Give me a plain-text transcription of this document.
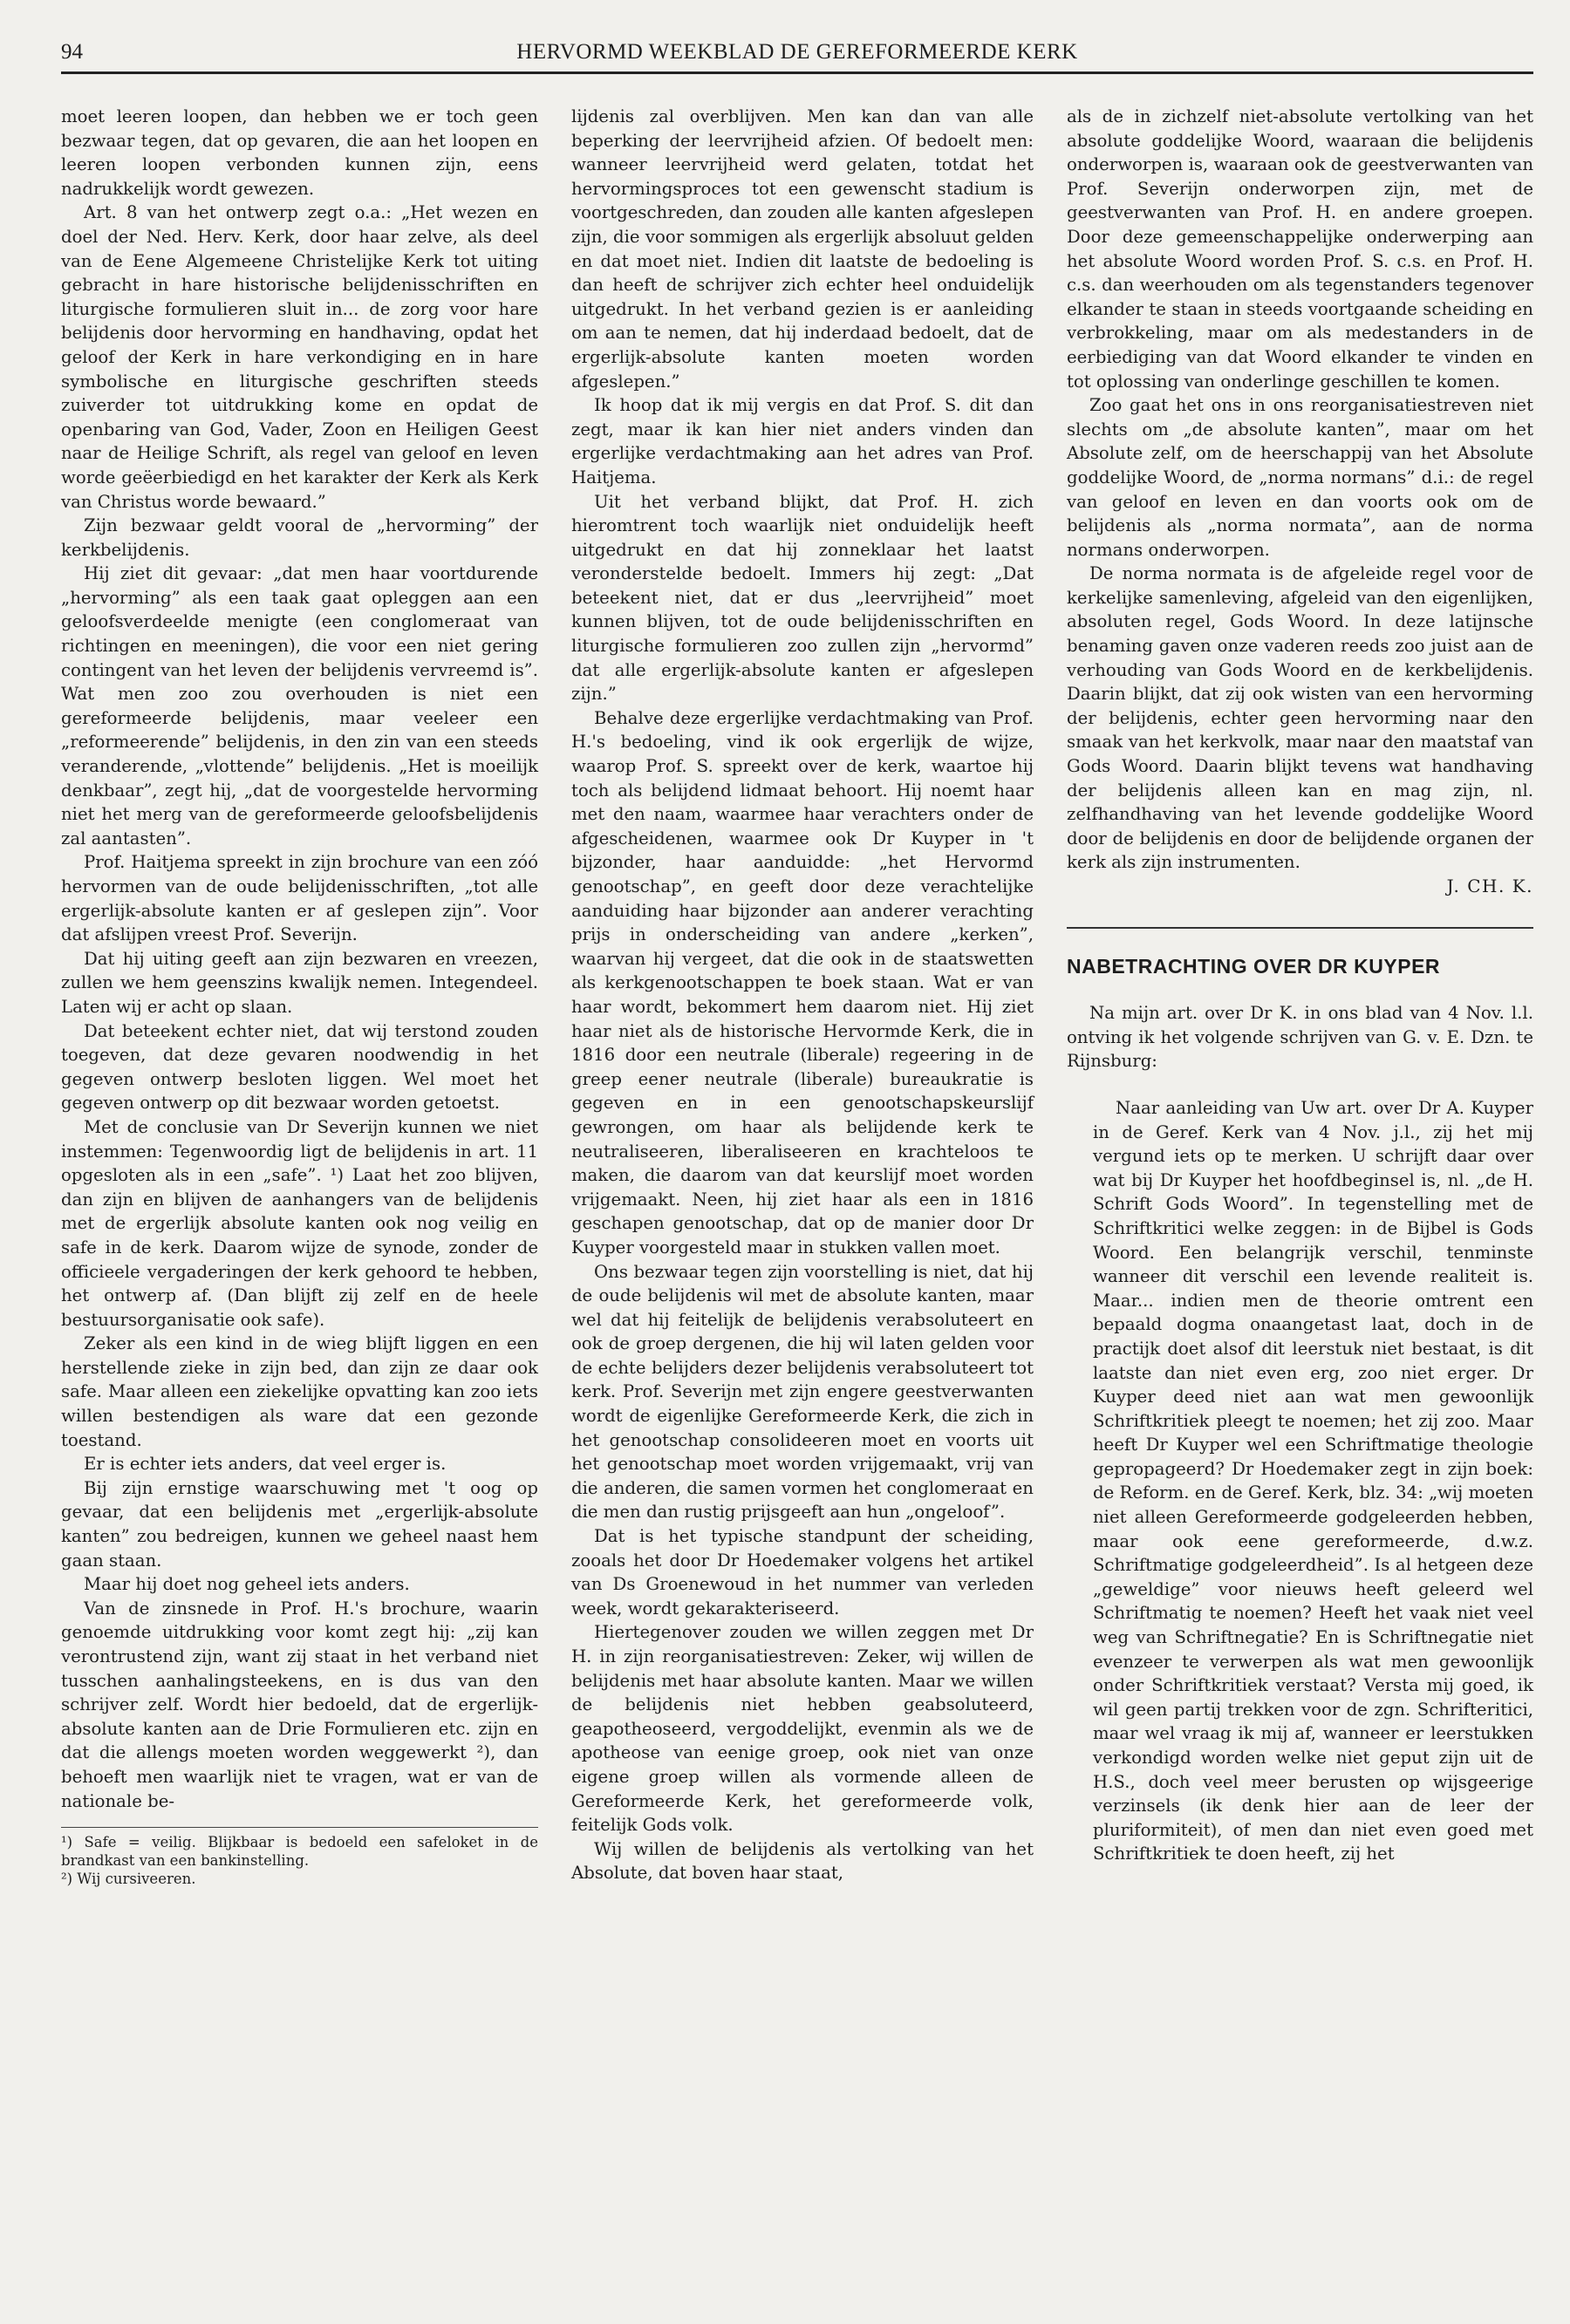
94	HERVORMD WEEKBLAD DE GEREFORMEERDE KERK

moet leeren loopen, dan hebben we er toch geen bezwaar tegen, dat op gevaren, die aan het loopen en leeren loopen verbonden kunnen zijn, eens nadrukkelijk wordt gewezen.

Art. 8 van het ontwerp zegt o.a.: „Het wezen en doel der Ned. Herv. Kerk, door haar zelve, als deel van de Eene Algemeene Christelijke Kerk tot uiting gebracht in hare historische belijdenisschriften en liturgische formulieren sluit in... de zorg voor hare belijdenis door hervorming en handhaving, opdat het geloof der Kerk in hare verkondiging en in hare symbolische en liturgische geschriften steeds zuiverder tot uitdrukking kome en opdat de openbaring van God, Vader, Zoon en Heiligen Geest naar de Heilige Schrift, als regel van geloof en leven worde geëerbiedigd en het karakter der Kerk als Kerk van Christus worde bewaard.”

Zijn bezwaar geldt vooral de „hervorming” der kerkbelijdenis.

Hij ziet dit gevaar: „dat men haar voortdurende „hervorming” als een taak gaat opleggen aan een geloofsverdeelde menigte (een conglomeraat van richtingen en meeningen), die voor een niet gering contingent van het leven der belijdenis vervreemd is”. Wat men zoo zou overhouden is niet een gereformeerde belijdenis, maar veeleer een „reformeerende” belijdenis, in den zin van een steeds veranderende, „vlottende” belijdenis. „Het is moeilijk denkbaar”, zegt hij, „dat de voorgestelde hervorming niet het merg van de gereformeerde geloofsbelijdenis zal aantasten”.

Prof. Haitjema spreekt in zijn brochure van een zóó hervormen van de oude belijdenisschriften, „tot alle ergerlijk-absolute kanten er af geslepen zijn”. Voor dat afslijpen vreest Prof. Severijn.

Dat hij uiting geeft aan zijn bezwaren en vreezen, zullen we hem geenszins kwalijk nemen. Integendeel. Laten wij er acht op slaan.

Dat beteekent echter niet, dat wij terstond zouden toegeven, dat deze gevaren noodwendig in het gegeven ontwerp besloten liggen. Wel moet het gegeven ontwerp op dit bezwaar worden getoetst.

Met de conclusie van Dr Severijn kunnen we niet instemmen: Tegenwoordig ligt de belijdenis in art. 11 opgesloten als in een „safe”. ¹) Laat het zoo blijven, dan zijn en blijven de aanhangers van de belijdenis met de ergerlijk absolute kanten ook nog veilig en safe in de kerk. Daarom wijze de synode, zonder de officieele vergaderingen der kerk gehoord te hebben, het ontwerp af. (Dan blijft zij zelf en de heele bestuursorganisatie ook safe).

Zeker als een kind in de wieg blijft liggen en een herstellende zieke in zijn bed, dan zijn ze daar ook safe. Maar alleen een ziekelijke opvatting kan zoo iets willen bestendigen als ware dat een gezonde toestand.

Er is echter iets anders, dat veel erger is.

Bij zijn ernstige waarschuwing met 't oog op gevaar, dat een belijdenis met „ergerlijk-absolute kanten” zou bedreigen, kunnen we geheel naast hem gaan staan.

Maar hij doet nog geheel iets anders.

Van de zinsnede in Prof. H.'s brochure, waarin genoemde uitdrukking voor komt zegt hij: „zij kan verontrustend zijn, want zij staat in het verband niet tusschen aanhalingsteekens, en is dus van den schrijver zelf. Wordt hier bedoeld, dat de ergerlijk-absolute kanten aan de Drie Formulieren etc. zijn en dat die allengs moeten worden weggewerkt ²), dan behoeft men waarlijk niet te vragen, wat er van de nationale be-

¹) Safe = veilig. Blijkbaar is bedoeld een safeloket in de brandkast van een bankinstelling.

²) Wij cursiveeren.

lijdenis zal overblijven. Men kan dan van alle beperking der leervrijheid afzien. Of bedoelt men: wanneer leervrijheid werd gelaten, totdat het hervormingsproces tot een gewenscht stadium is voortgeschreden, dan zouden alle kanten afgeslepen zijn, die voor sommigen als ergerlijk absoluut gelden en dat moet niet. Indien dit laatste de bedoeling is dan heeft de schrijver zich echter heel onduidelijk uitgedrukt. In het verband gezien is er aanleiding om aan te nemen, dat hij inderdaad bedoelt, dat de ergerlijk-absolute kanten moeten worden afgeslepen.”

Ik hoop dat ik mij vergis en dat Prof. S. dit dan zegt, maar ik kan hier niet anders vinden dan ergerlijke verdachtmaking aan het adres van Prof. Haitjema.

Uit het verband blijkt, dat Prof. H. zich hieromtrent toch waarlijk niet onduidelijk heeft uitgedrukt en dat hij zonneklaar het laatst veronderstelde bedoelt. Immers hij zegt: „Dat beteekent niet, dat er dus „leervrijheid” moet kunnen blijven, tot de oude belijdenisschriften en liturgische formulieren zoo zullen zijn „hervormd” dat alle ergerlijk-absolute kanten er afgeslepen zijn.”

Behalve deze ergerlijke verdachtmaking van Prof. H.'s bedoeling, vind ik ook ergerlijk de wijze, waarop Prof. S. spreekt over de kerk, waartoe hij toch als belijdend lidmaat behoort. Hij noemt haar met den naam, waarmee haar verachters onder de afgescheidenen, waarmee ook Dr Kuyper in 't bijzonder, haar aanduidde: „het Hervormd genootschap”, en geeft door deze verachtelijke aanduiding haar bijzonder aan anderer verachting prijs in onderscheiding van andere „kerken”, waarvan hij vergeet, dat die ook in de staatswetten als kerkgenootschappen te boek staan. Wat er van haar wordt, bekommert hem daarom niet. Hij ziet haar niet als de historische Hervormde Kerk, die in 1816 door een neutrale (liberale) regeering in de greep eener neutrale (liberale) bureaukratie is gegeven en in een genootschapskeurslijf gewrongen, om haar als belijdende kerk te neutraliseeren, liberaliseeren en krachteloos te maken, die daarom van dat keurslijf moet worden vrijgemaakt. Neen, hij ziet haar als een in 1816 geschapen genootschap, dat op de manier door Dr Kuyper voorgesteld maar in stukken vallen moet.

Ons bezwaar tegen zijn voorstelling is niet, dat hij de oude belijdenis wil met de absolute kanten, maar wel dat hij feitelijk de belijdenis verabsoluteert en ook de groep dergenen, die hij wil laten gelden voor de echte belijders dezer belijdenis verabsoluteert tot kerk. Prof. Severijn met zijn engere geestverwanten wordt de eigenlijke Gereformeerde Kerk, die zich in het genootschap consolideeren moet en voorts uit het genootschap moet worden vrijgemaakt, vrij van die anderen, die samen vormen het conglomeraat en die men dan rustig prijsgeeft aan hun „ongeloof”.

Dat is het typische standpunt der scheiding, zooals het door Dr Hoedemaker volgens het artikel van Ds Groenewoud in het nummer van verleden week, wordt gekarakteriseerd.

Hiertegenover zouden we willen zeggen met Dr H. in zijn reorganisatiestreven: Zeker, wij willen de belijdenis met haar absolute kanten. Maar we willen de belijdenis niet hebben geabsoluteerd, geapotheoseerd, vergoddelijkt, evenmin als we de apotheose van eenige groep, ook niet van onze eigene groep willen als vormende alleen de Gereformeerde Kerk, het gereformeerde volk, feitelijk Gods volk.

Wij willen de belijdenis als vertolking van het Absolute, dat boven haar staat,

als de in zichzelf niet-absolute vertolking van het absolute goddelijke Woord, waaraan die belijdenis onderworpen is, waaraan ook de geestverwanten van Prof. Severijn onderworpen zijn, met de geestverwanten van Prof. H. en andere groepen. Door deze gemeenschappelijke onderwerping aan het absolute Woord worden Prof. S. c.s. en Prof. H. c.s. dan weerhouden om als tegenstanders tegenover elkander te staan in steeds voortgaande scheiding en verbrokkeling, maar om als medestanders in de eerbiediging van dat Woord elkander te vinden en tot oplossing van onderlinge geschillen te komen.

Zoo gaat het ons in ons reorganisatiestreven niet slechts om „de absolute kanten”, maar om het Absolute zelf, om de heerschappij van het Absolute goddelijke Woord, de „norma normans” d.i.: de regel van geloof en leven en dan voorts ook om de belijdenis als „norma normata”, aan de norma normans onderworpen.

De norma normata is de afgeleide regel voor de kerkelijke samenleving, afgeleid van den eigenlijken, absoluten regel, Gods Woord. In deze latijnsche benaming gaven onze vaderen reeds zoo juist aan de verhouding van Gods Woord en de kerkbelijdenis. Daarin blijkt, dat zij ook wisten van een hervorming der belijdenis, echter geen hervorming naar den smaak van het kerkvolk, maar naar den maatstaf van Gods Woord. Daarin blijkt tevens wat handhaving der belijdenis alleen kan en mag zijn, nl. zelfhandhaving van het levende goddelijke Woord door de belijdenis en door de belijdende organen der kerk als zijn instrumenten.

J. CH. K.

NABETRACHTING OVER DR KUYPER

Na mijn art. over Dr K. in ons blad van 4 Nov. l.l. ontving ik het volgende schrijven van G. v. E. Dzn. te Rijnsburg:

Naar aanleiding van Uw art. over Dr A. Kuyper in de Geref. Kerk van 4 Nov. j.l., zij het mij vergund iets op te merken. U schrijft daar over wat bij Dr Kuyper het hoofdbeginsel is, nl. „de H. Schrift Gods Woord”. In tegenstelling met de Schriftkritici welke zeggen: in de Bijbel is Gods Woord. Een belangrijk verschil, tenminste wanneer dit verschil een levende realiteit is. Maar... indien men de theorie omtrent een bepaald dogma onaangetast laat, doch in de practijk doet alsof dit leerstuk niet bestaat, is dit laatste dan niet even erg, zoo niet erger. Dr Kuyper deed niet aan wat men gewoonlijk Schriftkritiek pleegt te noemen; het zij zoo. Maar heeft Dr Kuyper wel een Schriftmatige theologie gepropageerd? Dr Hoedemaker zegt in zijn boek: de Reform. en de Geref. Kerk, blz. 34: „wij moeten niet alleen Gereformeerde godgeleerden hebben, maar ook eene gereformeerde, d.w.z. Schriftmatige godgeleerdheid”. Is al hetgeen deze „geweldige” voor nieuws heeft geleerd wel Schriftmatig te noemen? Heeft het vaak niet veel weg van Schriftnegatie? En is Schriftnegatie niet evenzeer te verwerpen als wat men gewoonlijk onder Schriftkritiek verstaat? Versta mij goed, ik wil geen partij trekken voor de zgn. Schrifteritici, maar wel vraag ik mij af, wanneer er leerstukken verkondigd worden welke niet geput zijn uit de H.S., doch veel meer berusten op wijsgeerige verzinsels (ik denk hier aan de leer der pluriformiteit), of men dan niet even goed met Schriftkritiek te doen heeft, zij het
